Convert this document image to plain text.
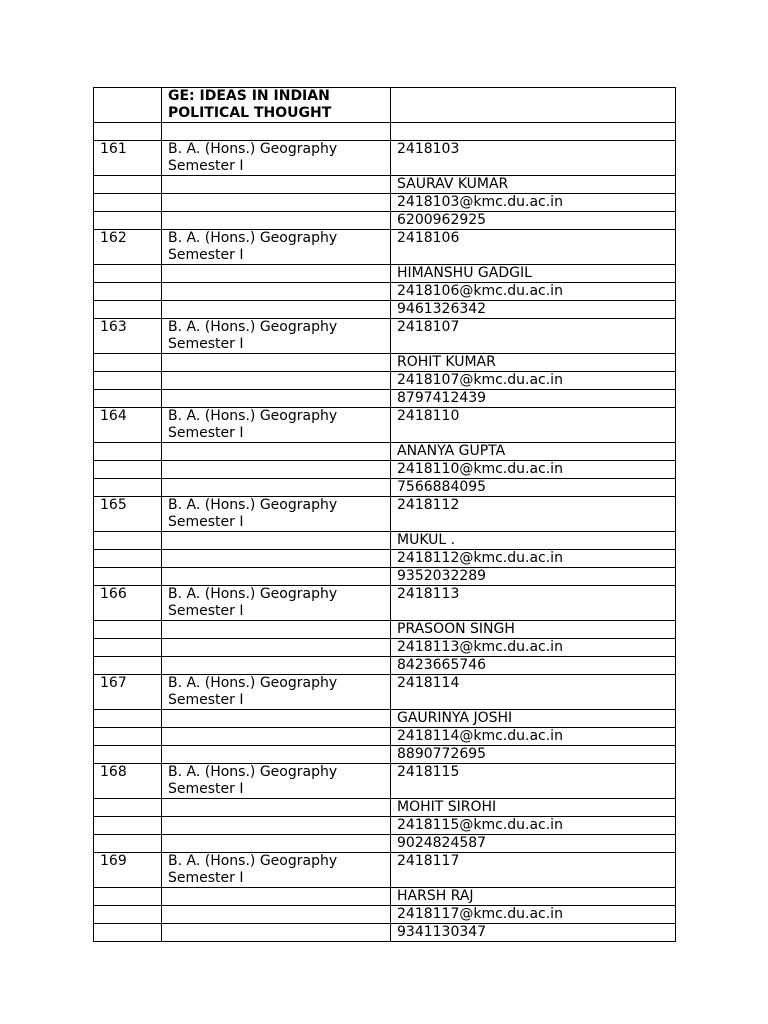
	GE: IDEAS IN INDIAN
POLITICAL THOUGHT	

161	B. A. (Hons.) Geography
Semester I	2418103
		SAURAV KUMAR
		2418103@kmc.du.ac.in
		6200962925
162	B. A. (Hons.) Geography
Semester I	2418106
		HIMANSHU GADGIL
		2418106@kmc.du.ac.in
		9461326342
163	B. A. (Hons.) Geography
Semester I	2418107
		ROHIT KUMAR
		2418107@kmc.du.ac.in
		8797412439
164	B. A. (Hons.) Geography
Semester I	2418110
		ANANYA GUPTA
		2418110@kmc.du.ac.in
		7566884095
165	B. A. (Hons.) Geography
Semester I	2418112
		MUKUL .
		2418112@kmc.du.ac.in
		9352032289
166	B. A. (Hons.) Geography
Semester I	2418113
		PRASOON SINGH
		2418113@kmc.du.ac.in
		8423665746
167	B. A. (Hons.) Geography
Semester I	2418114
		GAURINYA JOSHI
		2418114@kmc.du.ac.in
		8890772695
168	B. A. (Hons.) Geography
Semester I	2418115
		MOHIT SIROHI
		2418115@kmc.du.ac.in
		9024824587
169	B. A. (Hons.) Geography
Semester I	2418117
		HARSH RAJ
		2418117@kmc.du.ac.in
		9341130347
